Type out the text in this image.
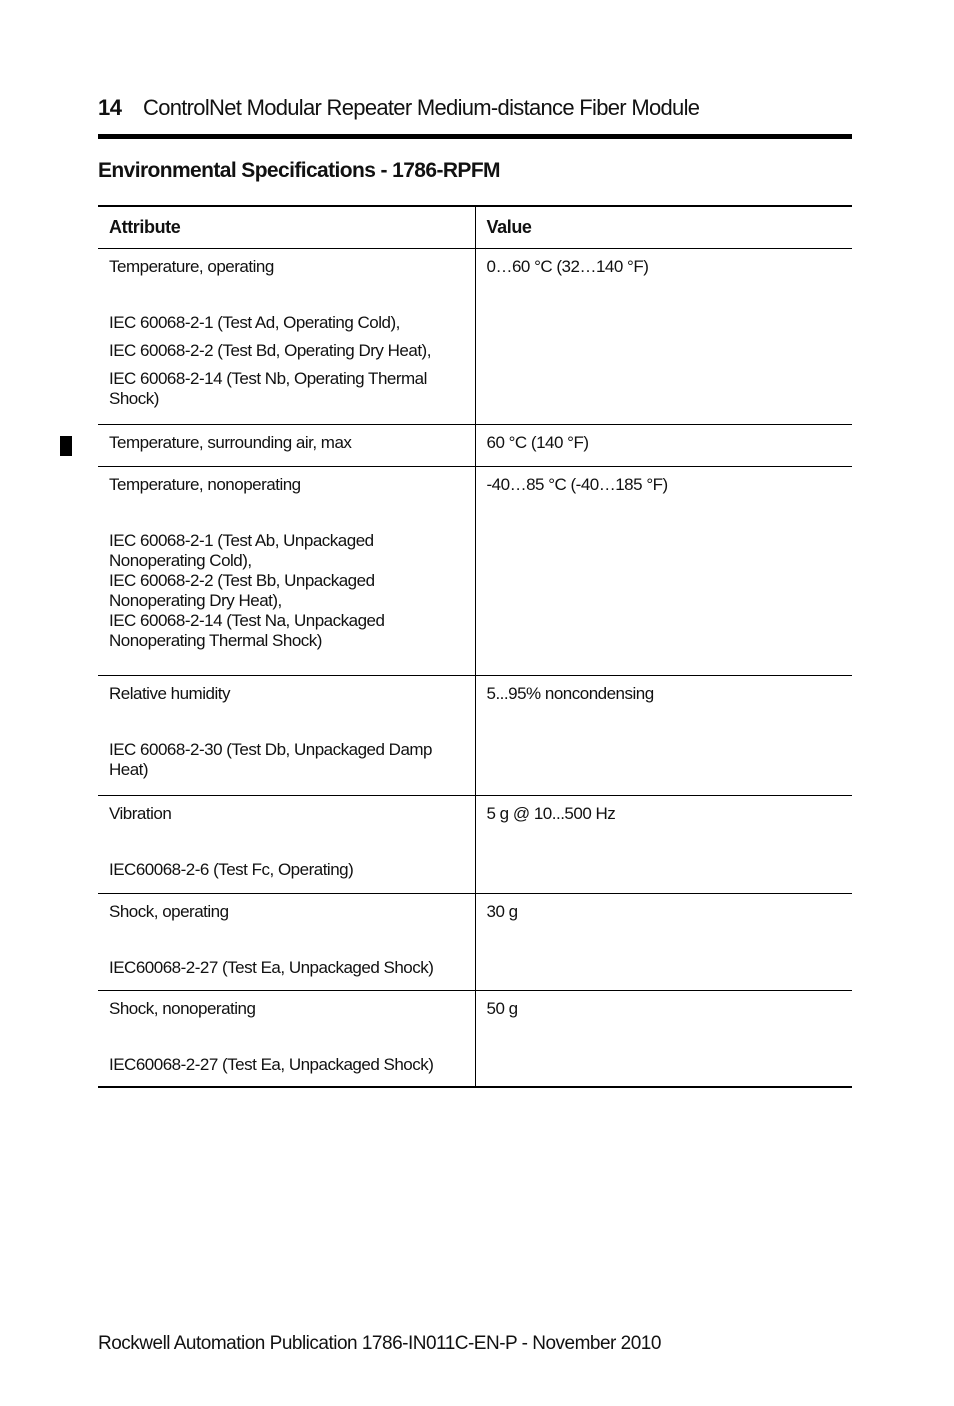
14 ControlNet Modular Repeater Medium-distance Fiber Module
Environmental Specifications - 1786-RPFM
Attribute	Value

Temperature, operating
IEC 60068-2-1 (Test Ad, Operating Cold),
IEC 60068-2-2 (Test Bd, Operating Dry Heat),
IEC 60068-2-14 (Test Nb, Operating Thermal Shock)	0…60 °C (32…140 °F)
Temperature, surrounding air, max	60 °C (140 °F)

Temperature, nonoperating
IEC 60068-2-1 (Test Ab, Unpackaged Nonoperating Cold),
IEC 60068-2-2 (Test Bb, Unpackaged Nonoperating Dry Heat),
IEC 60068-2-14 (Test Na, Unpackaged Nonoperating Thermal Shock)	-40…85 °C (-40…185 °F)

Relative humidity
IEC 60068-2-30 (Test Db, Unpackaged Damp Heat)	5...95% noncondensing

Vibration
IEC60068-2-6 (Test Fc, Operating)	5 g @ 10...500 Hz

Shock, operating
IEC60068-2-27 (Test Ea, Unpackaged Shock)	30 g

Shock, nonoperating
IEC60068-2-27 (Test Ea, Unpackaged Shock)	50 g
Rockwell Automation Publication 1786-IN011C-EN-P - November 2010
